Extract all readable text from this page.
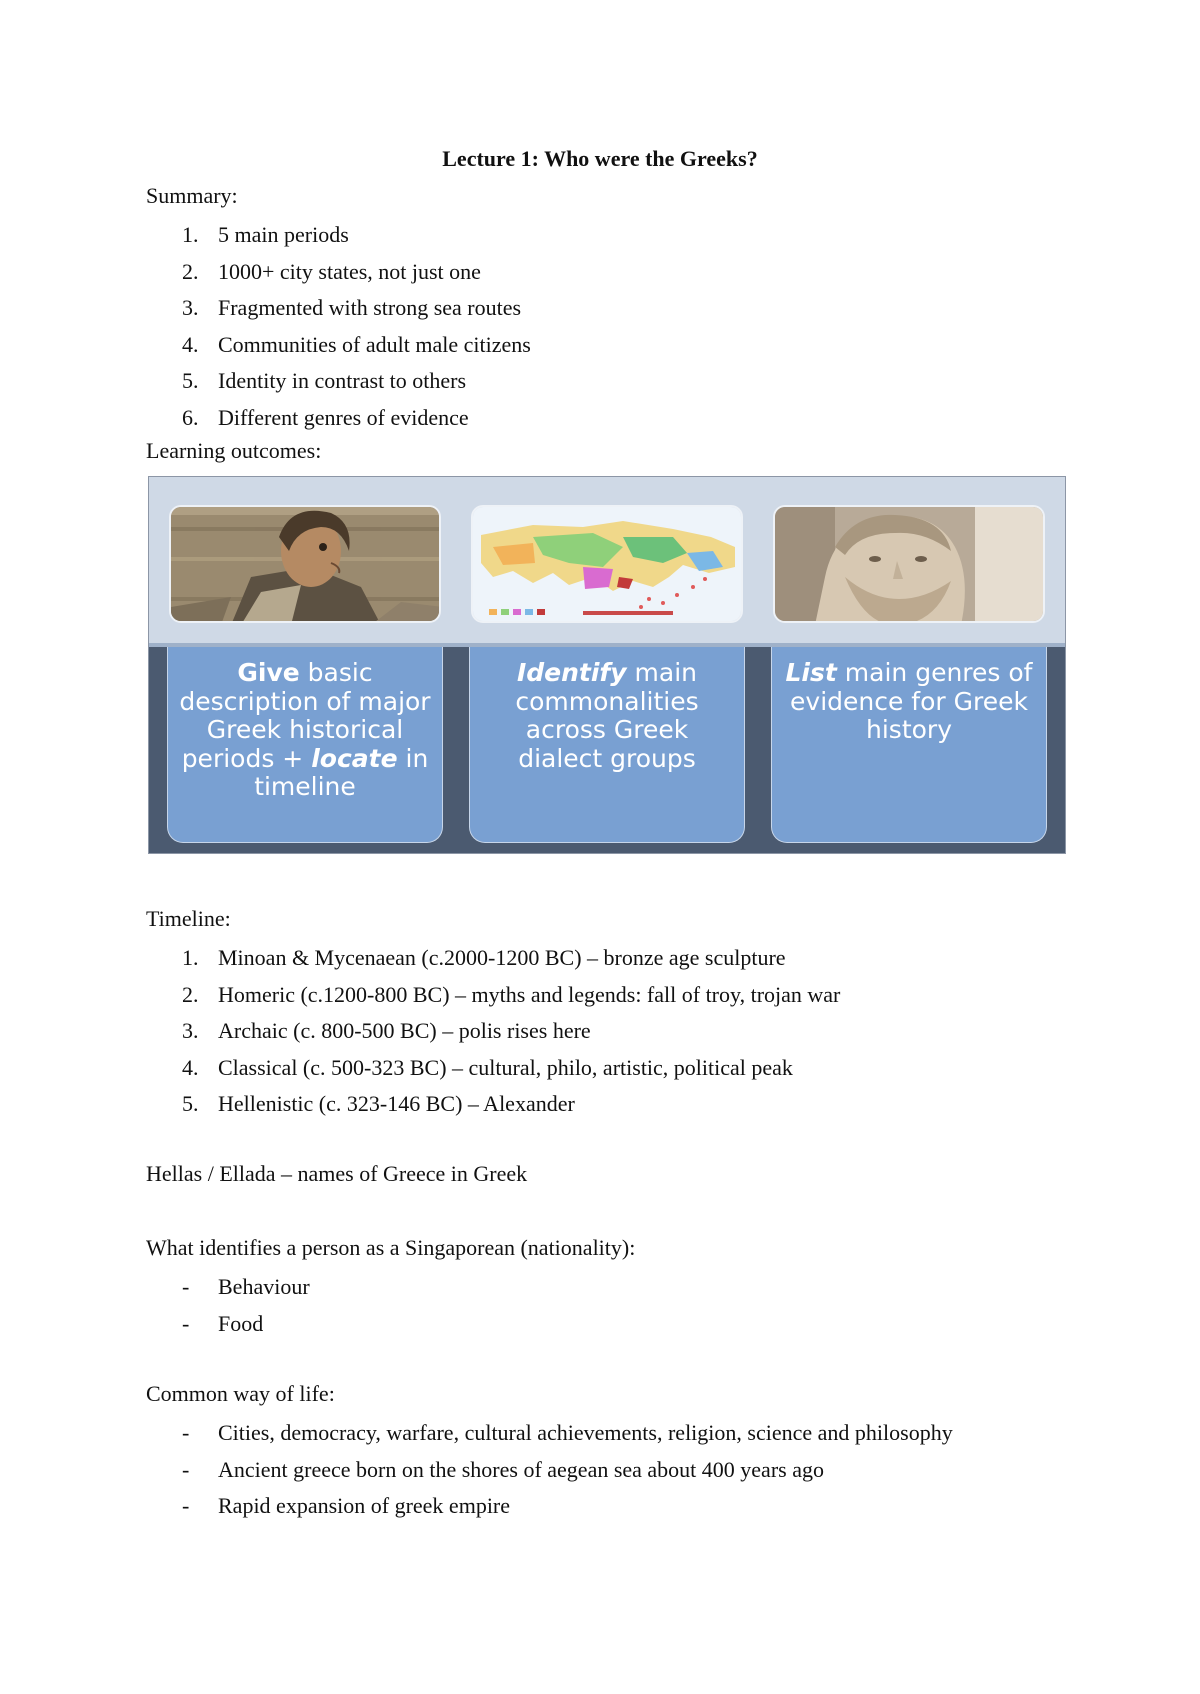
Lecture 1: Who were the Greeks?
Summary:
1. 5 main periods
2. 1000+ city states, not just one
3. Fragmented with strong sea routes
4. Communities of adult male citizens
5. Identity in contrast to others
6. Different genres of evidence
Learning outcomes:
Give basic description of major Greek historical periods + locate in timeline
Identify main commonalities across Greek dialect groups
List main genres of evidence for Greek history
Timeline:
1. Minoan & Mycenaean (c.2000-1200 BC) – bronze age sculpture
2. Homeric (c.1200-800 BC) – myths and legends: fall of troy, trojan war
3. Archaic (c. 800-500 BC) – polis rises here
4. Classical (c. 500-323 BC) – cultural, philo, artistic, political peak
5. Hellenistic (c. 323-146 BC) – Alexander
Hellas / Ellada – names of Greece in Greek
What identifies a person as a Singaporean (nationality):
- Behaviour
- Food
Common way of life:
- Cities, democracy, warfare, cultural achievements, religion, science and philosophy
- Ancient greece born on the shores of aegean sea about 400 years ago
- Rapid expansion of greek empire
